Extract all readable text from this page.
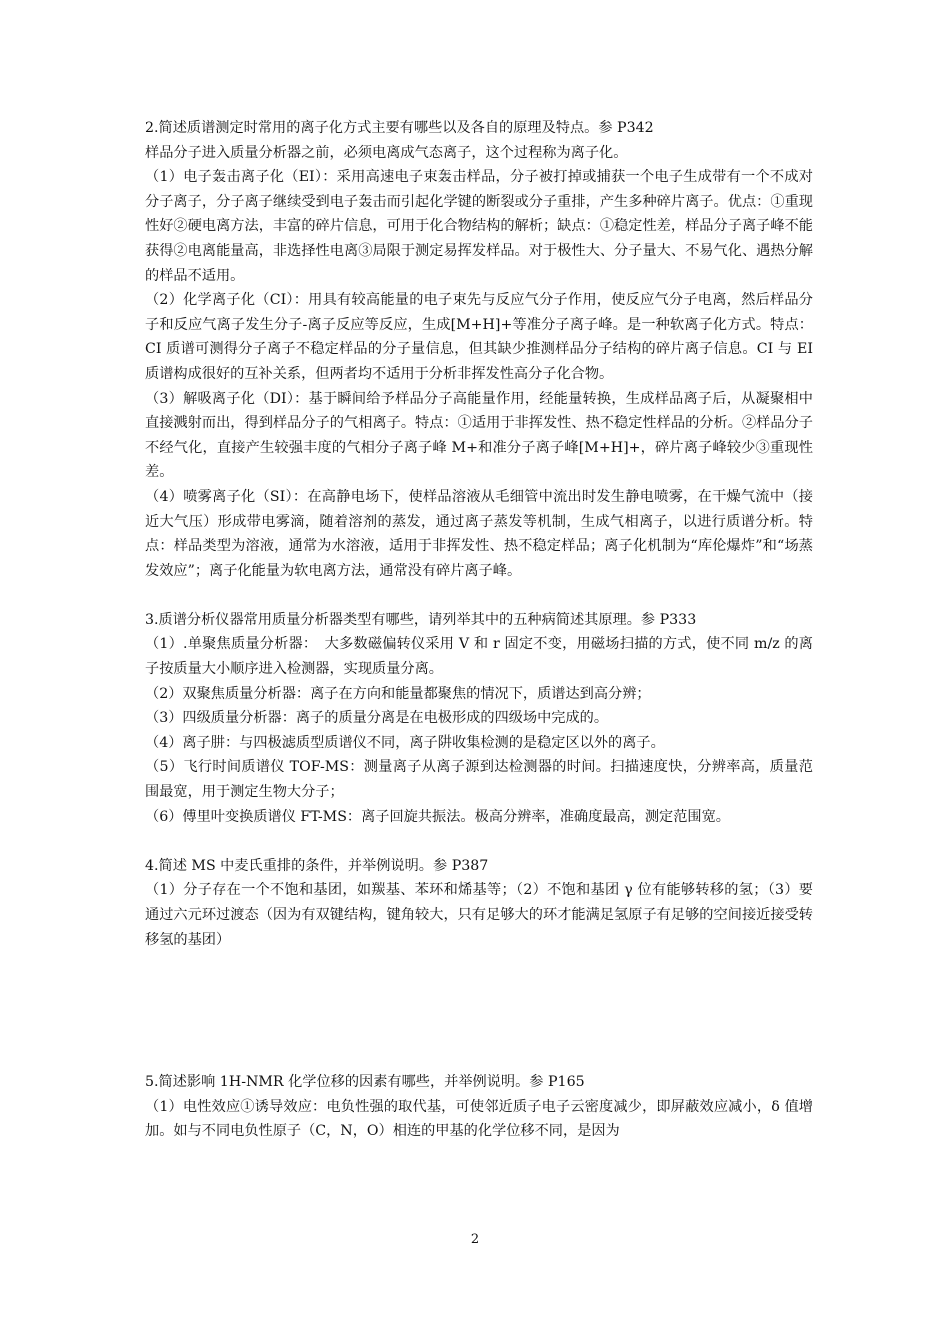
2.简述质谱测定时常用的离子化方式主要有哪些以及各自的原理及特点。参 P342

样品分子进入质量分析器之前，必须电离成气态离子，这个过程称为离子化。

（1）电子轰击离子化（EI）：采用高速电子束轰击样品，分子被打掉或捕获一个电子生成带有一个不成对分子离子，分子离子继续受到电子轰击而引起化学键的断裂或分子重排，产生多种碎片离子。优点：①重现性好②硬电离方法，丰富的碎片信息，可用于化合物结构的解析；缺点：①稳定性差，样品分子离子峰不能获得②电离能量高，非选择性电离③局限于测定易挥发样品。对于极性大、分子量大、不易气化、遇热分解的样品不适用。

（2）化学离子化（CI）：用具有较高能量的电子束先与反应气分子作用，使反应气分子电离，然后样品分子和反应气离子发生分子-离子反应等反应，生成[M+H]+等准分子离子峰。是一种软离子化方式。特点：CI 质谱可测得分子离子不稳定样品的分子量信息，但其缺少推测样品分子结构的碎片离子信息。CI 与 EI 质谱构成很好的互补关系，但两者均不适用于分析非挥发性高分子化合物。

（3）解吸离子化（DI）：基于瞬间给予样品分子高能量作用，经能量转换，生成样品离子后，从凝聚相中直接溅射而出，得到样品分子的气相离子。特点：①适用于非挥发性、热不稳定性样品的分析。②样品分子不经气化，直接产生较强丰度的气相分子离子峰 M+和准分子离子峰[M+H]+，碎片离子峰较少③重现性差。

（4）喷雾离子化（SI）：在高静电场下，使样品溶液从毛细管中流出时发生静电喷雾，在干燥气流中（接近大气压）形成带电雾滴，随着溶剂的蒸发，通过离子蒸发等机制，生成气相离子，以进行质谱分析。特点：样品类型为溶液，通常为水溶液，适用于非挥发性、热不稳定样品；离子化机制为“库伦爆炸”和“场蒸发效应”；离子化能量为软电离方法，通常没有碎片离子峰。

3.质谱分析仪器常用质量分析器类型有哪些，请列举其中的五种病简述其原理。参 P333

（1）.单聚焦质量分析器：　大多数磁偏转仪采用 V 和 r 固定不变，用磁场扫描的方式，使不同 m/z 的离子按质量大小顺序进入检测器，实现质量分离。

（2）双聚焦质量分析器：离子在方向和能量都聚焦的情况下，质谱达到高分辨；

（3）四级质量分析器：离子的质量分离是在电极形成的四级场中完成的。

（4）离子肼：与四极滤质型质谱仪不同，离子阱收集检测的是稳定区以外的离子。

（5）飞行时间质谱仪 TOF-MS：测量离子从离子源到达检测器的时间。扫描速度快，分辨率高，质量范围最宽，用于测定生物大分子；

（6）傅里叶变换质谱仪 FT-MS：离子回旋共振法。极高分辨率，准确度最高，测定范围宽。

4.简述 MS 中麦氏重排的条件，并举例说明。参 P387

（1）分子存在一个不饱和基团，如羰基、苯环和烯基等；（2）不饱和基团 γ 位有能够转移的氢；（3）要通过六元环过渡态（因为有双键结构，键角较大，只有足够大的环才能满足氢原子有足够的空间接近接受转移氢的基团）

5.简述影响 1H-NMR 化学位移的因素有哪些，并举例说明。参 P165

（1）电性效应①诱导效应：电负性强的取代基，可使邻近质子电子云密度减少，即屏蔽效应减小，δ 值增加。如与不同电负性原子（C，N，O）相连的甲基的化学位移不同，是因为

2
